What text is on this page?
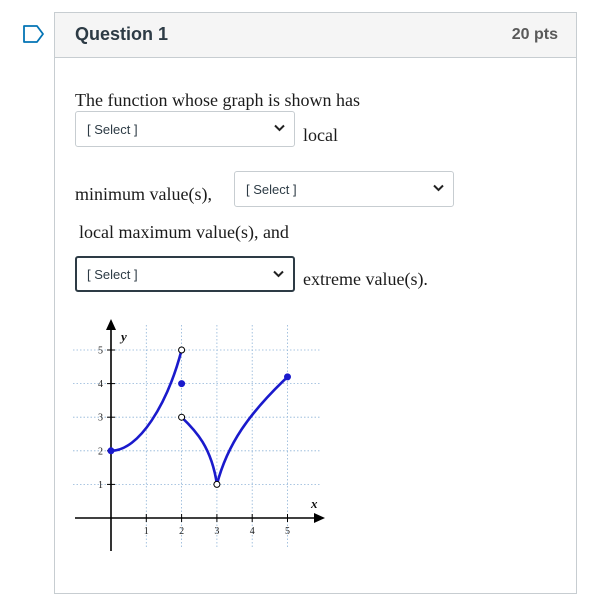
Question 1	20 pts
The function whose graph is shown has
[ Select ]	local
minimum value(s),	[ Select ]
local maximum value(s), and
[ Select ]	extreme value(s).
1	2	3	4	5
1
2
3
4
5
y
x
